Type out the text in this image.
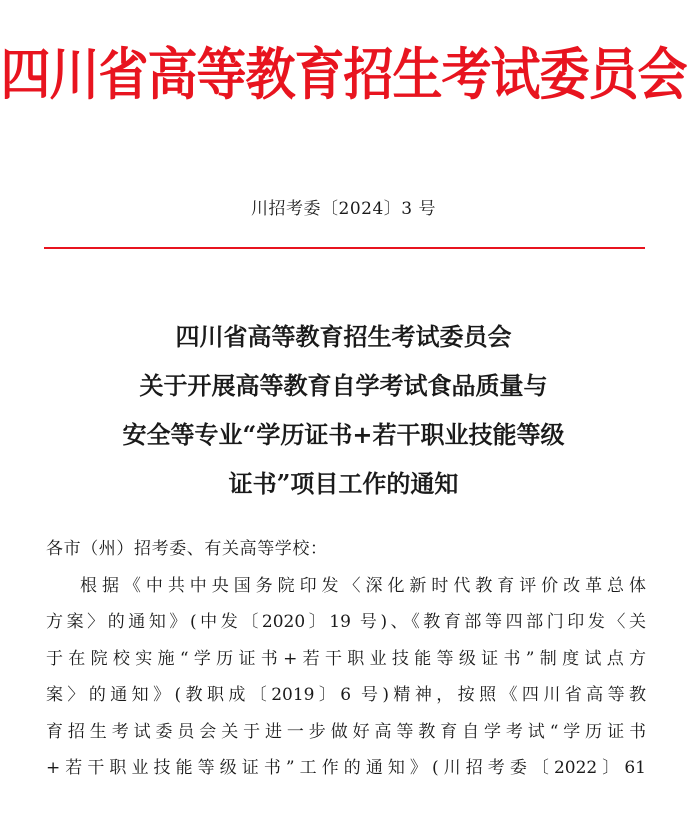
四川省高等教育招生考试委员会
川招考委〔2024〕3 号
四川省高等教育招生考试委员会
关于开展高等教育自学考试食品质量与
安全等专业“学历证书+若干职业技能等级
证书”项目工作的通知
各市（州）招考委、有关高等学校：
根据《中共中央国务院印发〈深化新时代教育评价改革总体
方案〉的通知》(中发〔2020〕19 号)、《教育部等四部门印发〈关
于在院校实施“学历证书+若干职业技能等级证书”制度试点方
案〉的通知》(教职成〔2019〕6 号)精神，按照《四川省高等教
育招生考试委员会关于进一步做好高等教育自学考试“学历证书
+若干职业技能等级证书”工作的通知》(川招考委〔2022〕61
